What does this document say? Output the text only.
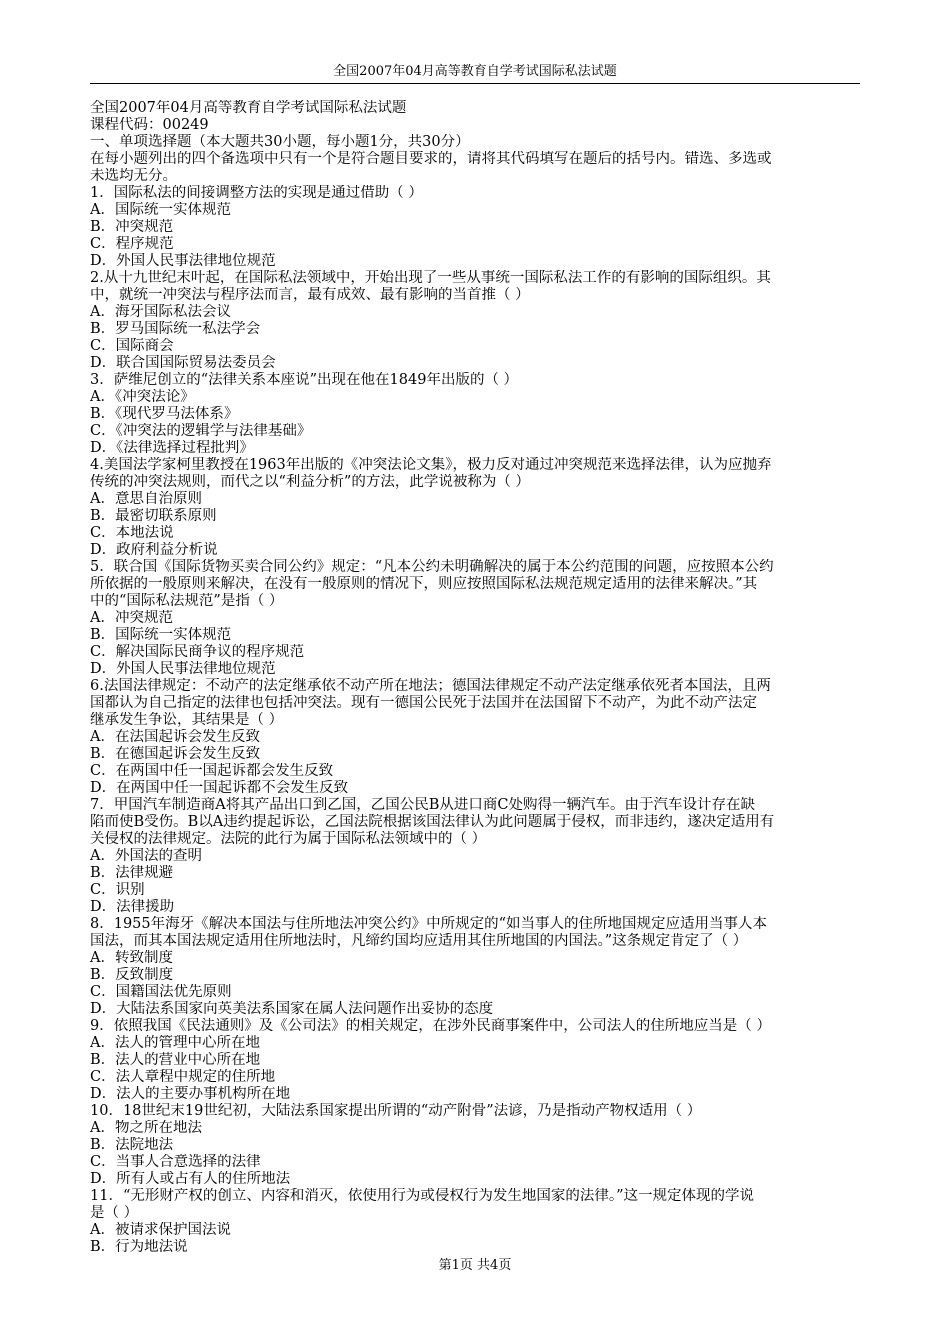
全国2007年04月高等教育自学考试国际私法试题
全国2007年04月高等教育自学考试国际私法试题
课程代码：00249
一、单项选择题（本大题共30小题，每小题1分，共30分）
在每小题列出的四个备选项中只有一个是符合题目要求的，请将其代码填写在题后的括号内。错选、多选或
未选均无分。
1．国际私法的间接调整方法的实现是通过借助（ ）
A．国际统一实体规范
B．冲突规范
C．程序规范
D．外国人民事法律地位规范
2.从十九世纪末叶起，在国际私法领域中，开始出现了一些从事统一国际私法工作的有影响的国际组织。其
中，就统一冲突法与程序法而言，最有成效、最有影响的当首推（ ）
A．海牙国际私法会议
B．罗马国际统一私法学会
C．国际商会
D．联合国国际贸易法委员会
3．萨维尼创立的“法律关系本座说”出现在他在1849年出版的（ ）
A．《冲突法论》
B．《现代罗马法体系》
C．《冲突法的逻辑学与法律基础》
D．《法律选择过程批判》
4.美国法学家柯里教授在1963年出版的《冲突法论文集》，极力反对通过冲突规范来选择法律，认为应抛弃
传统的冲突法规则，而代之以“利益分析”的方法，此学说被称为（ ）
A．意思自治原则
B．最密切联系原则
C．本地法说
D．政府利益分析说
5．联合国《国际货物买卖合同公约》规定：“凡本公约未明确解决的属于本公约范围的问题，应按照本公约
所依据的一般原则来解决，在没有一般原则的情况下，则应按照国际私法规范规定适用的法律来解决。”其
中的“国际私法规范”是指（ ）
A．冲突规范
B．国际统一实体规范
C．解决国际民商争议的程序规范
D．外国人民事法律地位规范
6.法国法律规定：不动产的法定继承依不动产所在地法；德国法律规定不动产法定继承依死者本国法，且两
国都认为自己指定的法律也包括冲突法。现有一德国公民死于法国并在法国留下不动产，为此不动产法定
继承发生争讼，其结果是（ ）
A．在法国起诉会发生反致
B．在德国起诉会发生反致
C．在两国中任一国起诉都会发生反致
D．在两国中任一国起诉都不会发生反致
7．甲国汽车制造商A将其产品出口到乙国，乙国公民B从进口商C处购得一辆汽车。由于汽车设计存在缺
陷而使B受伤。B以A违约提起诉讼，乙国法院根据该国法律认为此问题属于侵权，而非违约，遂决定适用有
关侵权的法律规定。法院的此行为属于国际私法领域中的（ ）
A．外国法的查明
B．法律规避
C．识别
D．法律援助
8．1955年海牙《解决本国法与住所地法冲突公约》中所规定的“如当事人的住所地国规定应适用当事人本
国法，而其本国法规定适用住所地法时，凡缔约国均应适用其住所地国的内国法。”这条规定肯定了（ ）
A．转致制度
B．反致制度
C．国籍国法优先原则
D．大陆法系国家向英美法系国家在属人法问题作出妥协的态度
9．依照我国《民法通则》及《公司法》的相关规定，在涉外民商事案件中，公司法人的住所地应当是（ ）
A．法人的管理中心所在地
B．法人的营业中心所在地
C．法人章程中规定的住所地
D．法人的主要办事机构所在地
10．18世纪末19世纪初，大陆法系国家提出所谓的“动产附骨”法谚，乃是指动产物权适用（ ）
A．物之所在地法
B．法院地法
C．当事人合意选择的法律
D．所有人或占有人的住所地法
11．“无形财产权的创立、内容和消灭，依使用行为或侵权行为发生地国家的法律。”这一规定体现的学说
是（ ）
A．被请求保护国法说
B．行为地法说
第1页 共4页
